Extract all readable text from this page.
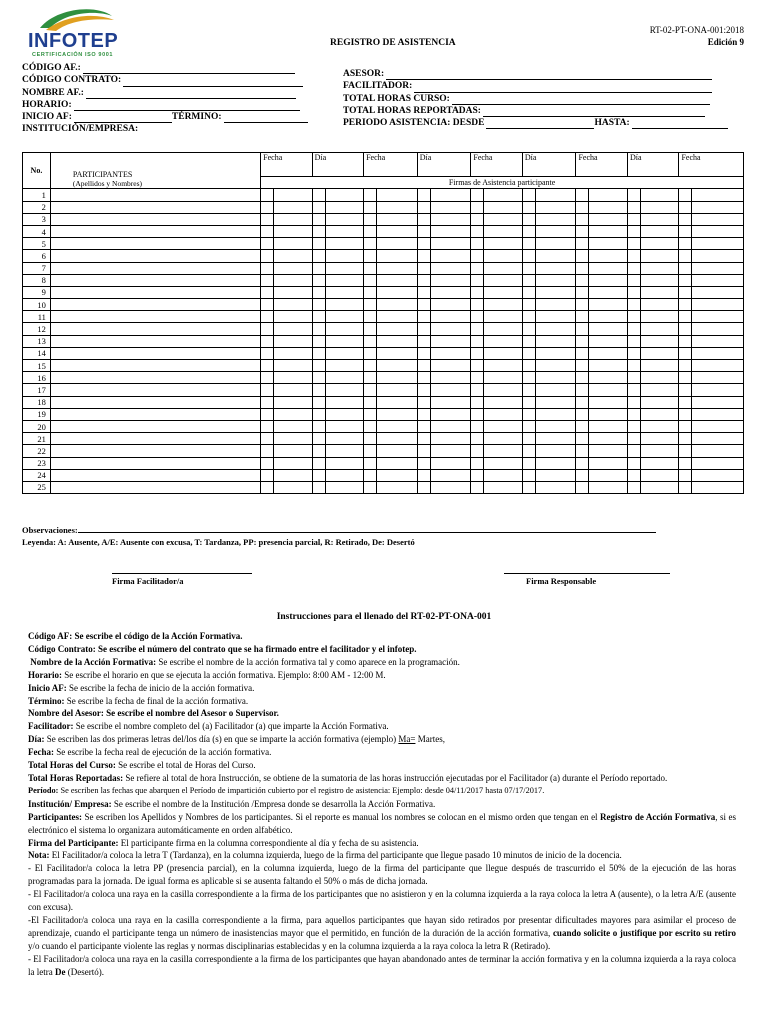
INFOTEP
CERTIFICACIÓN ISO 9001
REGISTRO DE ASISTENCIA
RT-02-PT-ONA-001:2018
Edición 9
CÓDIGO AF.:
CÓDIGO CONTRATO:
NOMBRE AF.:
HORARIO:
INICIO AF:	TÉRMINO:
INSTITUCIÓN/EMPRESA:
ASESOR:
FACILITADOR:
TOTAL HORAS CURSO:
TOTAL HORAS REPORTADAS:
PERIODO ASISTENCIA: DESDE	HASTA:
No.	PARTICIPANTES
(Apellidos y Nombres)	Fecha		Día		Fecha		Día		Fecha		Día		Fecha		Día		Fecha	

		Firmas de Asistencia participante																	
1																			
2																			
3																			
4																			
5																			
6																			
7																			
8																			
9																			
10																			
11																			
12																			
13																			
14																			
15																			
16																			
17																			
18																			
19																			
20																			
21																			
22																			
23																			
24																			
25																			
Observaciones:
Leyenda: A: Ausente, A/E: Ausente con excusa, T: Tardanza, PP: presencia parcial, R: Retirado, De: Desertó
Firma Facilitador/a	Firma Responsable
Instrucciones para el llenado del RT-02-PT-ONA-001

Código AF: Se escribe el código de la Acción Formativa.

Código Contrato: Se escribe el número del contrato que se ha firmado entre el facilitador y el infotep.

Nombre de la Acción Formativa: Se escribe el nombre de la acción formativa tal y como aparece en la programación.

Horario: Se escribe el horario en que se ejecuta la acción formativa. Ejemplo: 8:00 AM - 12:00 M.

Inicio AF: Se escribe la fecha de inicio de la acción formativa.

Término: Se escribe la fecha de final de la acción formativa.

Nombre del Asesor: Se escribe el nombre del Asesor o Supervisor.

Facilitador: Se escribe el nombre completo del (a) Facilitador (a) que imparte la Acción Formativa.

Día: Se escriben las dos primeras letras del/los día (s) en que se imparte la acción formativa (ejemplo) Ma= Martes,

Fecha: Se escribe la fecha real de ejecución de la acción formativa.

Total Horas del Curso: Se escribe el total de Horas del Curso.

Total Horas Reportadas: Se refiere al total de hora Instrucción, se obtiene de la sumatoria de las horas instrucción ejecutadas por el Facilitador (a) durante el Período reportado.

Período: Se escriben las fechas que abarquen el Período de impartición cubierto por el registro de asistencia: Ejemplo: desde 04/11/2017 hasta 07/17/2017.

Institución/ Empresa: Se escribe el nombre de la Institución /Empresa donde se desarrolla la Acción Formativa.

Participantes: Se escriben los Apellidos y Nombres de los participantes. Si el reporte es manual los nombres se colocan en el mismo orden que tengan en el Registro de Acción Formativa, si es electrónico el sistema lo organizara automáticamente en orden alfabético.

Firma del Participante: El participante firma en la columna correspondiente al día y fecha de su asistencia.

Nota: El Facilitador/a coloca la letra T (Tardanza), en la columna izquierda, luego de la firma del participante que llegue pasado 10 minutos de inicio de la docencia.

- El Facilitador/a coloca la letra PP (presencia parcial), en la columna izquierda, luego de la firma del participante que llegue después de trascurrido el 50% de la ejecución de las horas programadas para la jornada. De igual forma es aplicable si se ausenta faltando el 50% o más de dicha jornada.

- El Facilitador/a coloca una raya en la casilla correspondiente a la firma de los participantes que no asistieron y en la columna izquierda a la raya coloca la letra A (ausente), o la letra A/E (ausente con excusa).

-El Facilitador/a coloca una raya en la casilla correspondiente a la firma, para aquellos participantes que hayan sido retirados por presentar dificultades mayores para asimilar el proceso de aprendizaje, cuando el participante tenga un número de inasistencias mayor que el permitido, en función de la duración de la acción formativa, cuando solicite o justifique por escrito su retiro y/o cuando el participante violente las reglas y normas disciplinarias establecidas y en la columna izquierda a la raya coloca la letra R (Retirado).

- El Facilitador/a coloca una raya en la casilla correspondiente a la firma de los participantes que hayan abandonado antes de terminar la acción formativa y en la columna izquierda a la raya coloca la letra De (Desertó).
